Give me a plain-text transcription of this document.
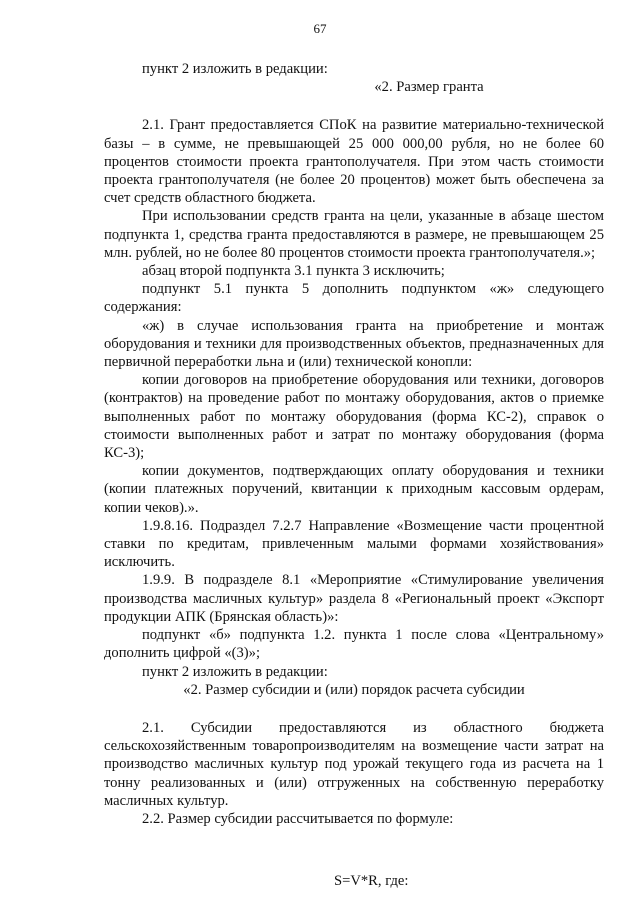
67

пункт 2 изложить в редакции:

«2. Размер гранта

2.1. Грант предоставляется СПоК на развитие материально-технической базы – в сумме, не превышающей 25 000 000,00 рубля, но не более 60 процентов стоимости проекта грантополучателя. При этом часть стоимости проекта грантополучателя (не более 20 процентов) может быть обеспечена за счет средств областного бюджета.

При использовании средств гранта на цели, указанные в абзаце шестом подпункта 1, средства гранта предоставляются в размере, не превышающем 25 млн. рублей, но не более 80 процентов стоимости проекта грантополучателя.»;

абзац второй подпункта 3.1 пункта 3 исключить;

подпункт 5.1 пункта 5 дополнить подпунктом «ж» следующего содержания:

«ж) в случае использования гранта на приобретение и монтаж оборудования и техники для производственных объектов, предназначенных для первичной переработки льна и (или) технической конопли:

копии договоров на приобретение оборудования или техники, договоров (контрактов) на проведение работ по монтажу оборудования, актов о приемке выполненных работ по монтажу оборудования (форма КС-2), справок о стоимости выполненных работ и затрат по монтажу оборудования (форма КС-3);

копии документов, подтверждающих оплату оборудования и техники (копии платежных поручений, квитанции к приходным кассовым ордерам, копии чеков).».

1.9.8.16. Подраздел 7.2.7 Направление «Возмещение части процентной ставки по кредитам, привлеченным малыми формами хозяйствования» исключить.

1.9.9. В подразделе 8.1 «Мероприятие «Стимулирование увеличения производства масличных культур» раздела 8 «Региональный проект «Экспорт продукции АПК (Брянская область)»:

подпункт «б» подпункта 1.2. пункта 1 после слова «Центральному» дополнить цифрой «(3)»;

пункт 2 изложить в редакции:

«2. Размер субсидии и (или) порядок расчета субсидии

2.1. Субсидии предоставляются из областного бюджета сельскохозяйственным товаропроизводителям на возмещение части затрат на производство масличных культур под урожай текущего года из расчета на 1 тонну реализованных и (или) отгруженных на собственную переработку масличных культур.

2.2. Размер субсидии рассчитывается по формуле:

S=V*R, где:
